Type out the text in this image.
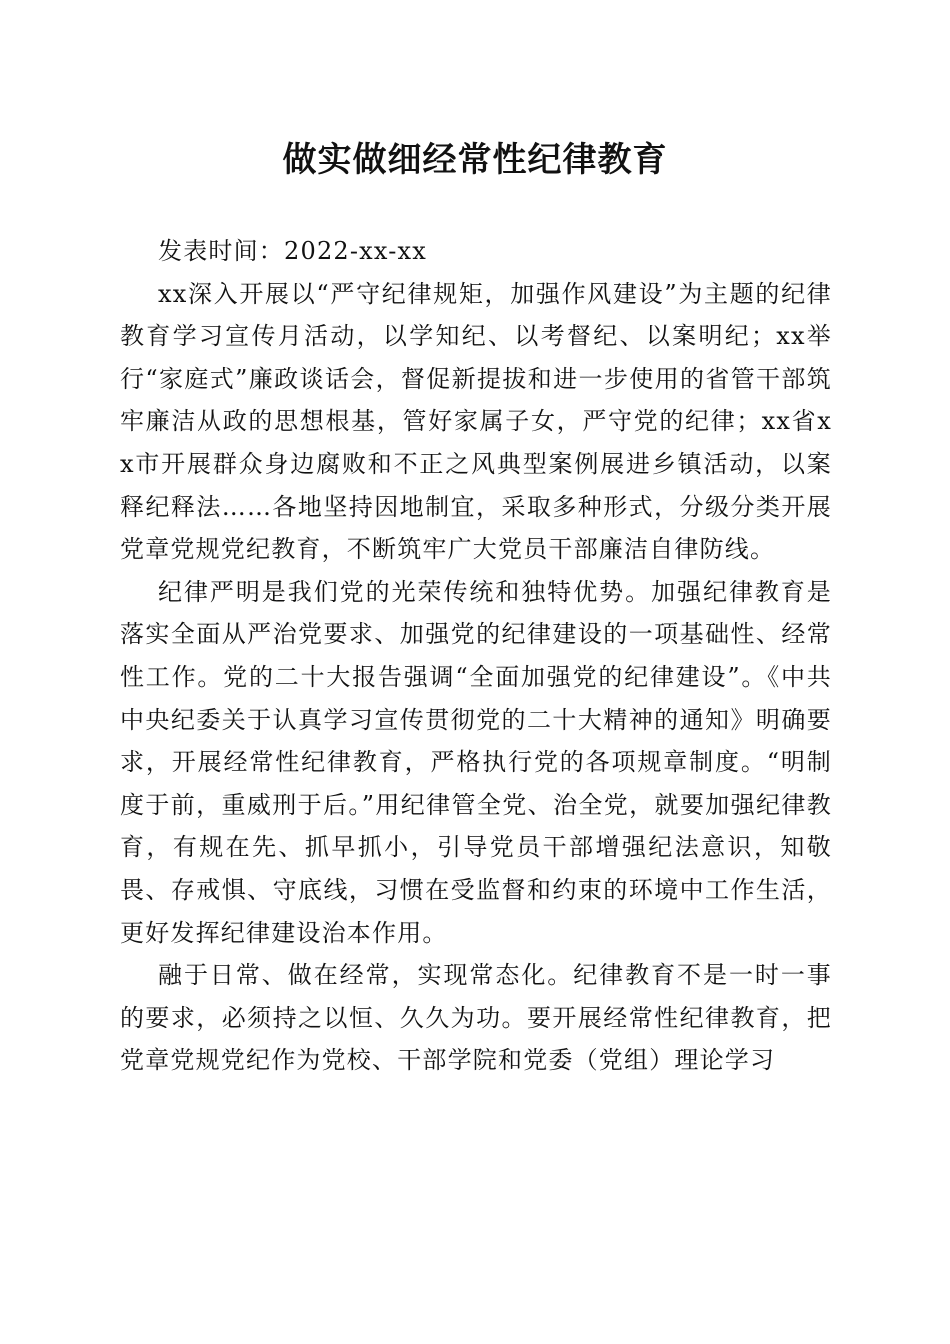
做实做细经常性纪律教育
发表时间：2022-xx-xx

xx深入开展以“严守纪律规矩，加强作风建设”为主题的纪律教育学习宣传月活动，以学知纪、以考督纪、以案明纪；xx举行“家庭式”廉政谈话会，督促新提拔和进一步使用的省管干部筑牢廉洁从政的思想根基，管好家属子女，严守党的纪律；xx省xx市开展群众身边腐败和不正之风典型案例展进乡镇活动，以案释纪释法……各地坚持因地制宜，采取多种形式，分级分类开展党章党规党纪教育，不断筑牢广大党员干部廉洁自律防线。

纪律严明是我们党的光荣传统和独特优势。加强纪律教育是落实全面从严治党要求、加强党的纪律建设的一项基础性、经常性工作。党的二十大报告强调“全面加强党的纪律建设”。《中共中央纪委关于认真学习宣传贯彻党的二十大精神的通知》明确要求，开展经常性纪律教育，严格执行党的各项规章制度。“明制度于前，重威刑于后。”用纪律管全党、治全党，就要加强纪律教育，有规在先、抓早抓小，引导党员干部增强纪法意识，知敬畏、存戒惧、守底线，习惯在受监督和约束的环境中工作生活，更好发挥纪律建设治本作用。

融于日常、做在经常，实现常态化。纪律教育不是一时一事的要求，必须持之以恒、久久为功。要开展经常性纪律教育，把党章党规党纪作为党校、干部学院和党委（党组）理论学习
